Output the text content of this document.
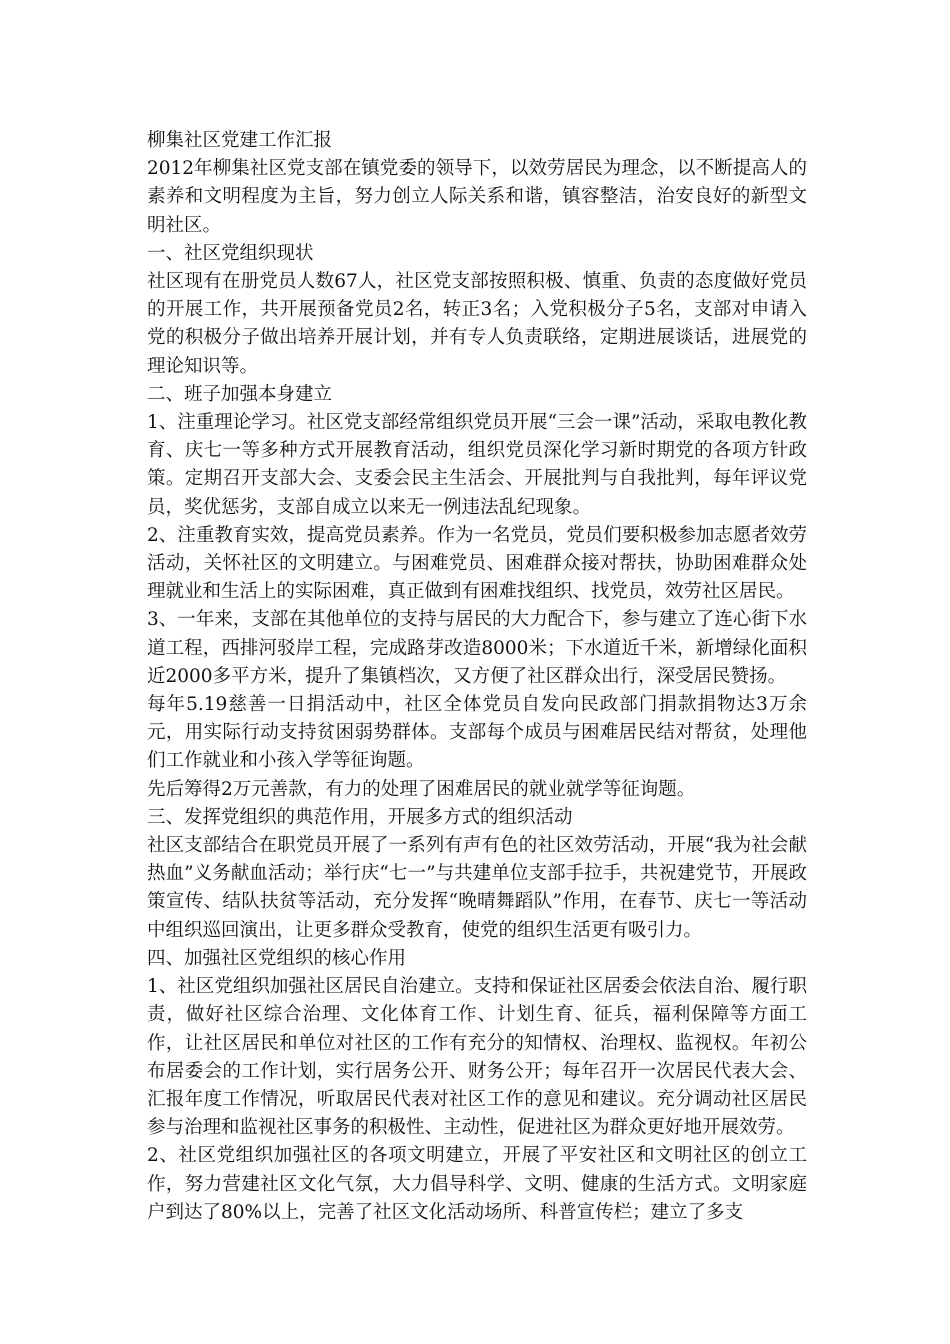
柳集社区党建工作汇报

2012年柳集社区党支部在镇党委的领导下，以效劳居民为理念，以不断提高人的素养和文明程度为主旨，努力创立人际关系和谐，镇容整洁，治安良好的新型文明社区。

一、社区党组织现状

社区现有在册党员人数67人，社区党支部按照积极、慎重、负责的态度做好党员的开展工作，共开展预备党员2名，转正3名；入党积极分子5名，支部对申请入党的积极分子做出培养开展计划，并有专人负责联络，定期进展谈话，进展党的理论知识等。

二、班子加强本身建立

1、注重理论学习。社区党支部经常组织党员开展“三会一课”活动，采取电教化教育、庆七一等多种方式开展教育活动，组织党员深化学习新时期党的各项方针政策。定期召开支部大会、支委会民主生活会、开展批判与自我批判，每年评议党员，奖优惩劣，支部自成立以来无一例违法乱纪现象。

2、注重教育实效，提高党员素养。作为一名党员，党员们要积极参加志愿者效劳活动，关怀社区的文明建立。与困难党员、困难群众接对帮扶，协助困难群众处理就业和生活上的实际困难，真正做到有困难找组织、找党员，效劳社区居民。

3、一年来，支部在其他单位的支持与居民的大力配合下，参与建立了连心街下水道工程，西排河驳岸工程，完成路芽改造8000米；下水道近千米，新增绿化面积近2000多平方米，提升了集镇档次，又方便了社区群众出行，深受居民赞扬。

每年5.19慈善一日捐活动中，社区全体党员自发向民政部门捐款捐物达3万余元，用实际行动支持贫困弱势群体。支部每个成员与困难居民结对帮贫，处理他们工作就业和小孩入学等征询题。

先后筹得2万元善款，有力的处理了困难居民的就业就学等征询题。

三、发挥党组织的典范作用，开展多方式的组织活动

社区支部结合在职党员开展了一系列有声有色的社区效劳活动，开展“我为社会献热血”义务献血活动；举行庆“七一”与共建单位支部手拉手，共祝建党节，开展政策宣传、结队扶贫等活动，充分发挥“晚晴舞蹈队”作用，在春节、庆七一等活动中组织巡回演出，让更多群众受教育，使党的组织生活更有吸引力。

四、加强社区党组织的核心作用

1、社区党组织加强社区居民自治建立。支持和保证社区居委会依法自治、履行职责，做好社区综合治理、文化体育工作、计划生育、征兵，福利保障等方面工作，让社区居民和单位对社区的工作有充分的知情权、治理权、监视权。年初公布居委会的工作计划，实行居务公开、财务公开；每年召开一次居民代表大会、汇报年度工作情况，听取居民代表对社区工作的意见和建议。充分调动社区居民参与治理和监视社区事务的积极性、主动性，促进社区为群众更好地开展效劳。

2、社区党组织加强社区的各项文明建立，开展了平安社区和文明社区的创立工作，努力营建社区文化气氛，大力倡导科学、文明、健康的生活方式。文明家庭户到达了80%以上，完善了社区文化活动场所、科普宣传栏；建立了多支
